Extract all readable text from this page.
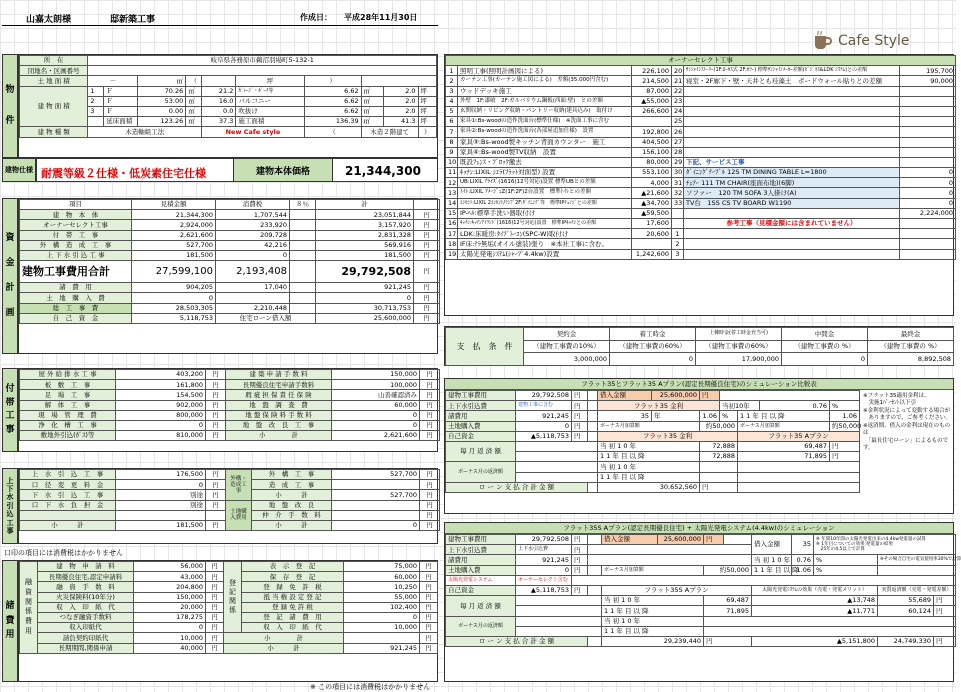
山嘉太朗様	邸新築工事	作成日： 平成28年11月30日
Cafe Style
物

件
所　在	岐阜県各務原市鵜沼羽場町5-132-1									
団地名・区画番号										
土 地 面 積	－		㎡	（		坪	）			
建 物 面 積	1	Ｆ	70.26	㎡	21.2	ｶﾞﾚｰｼﾞ・ﾎﾟｰﾁ等	6.62	㎡	2.0	坪
	2	Ｆ	53.00	㎡	16.0	バルコニー	6.62	㎡	2.0	坪
	3	Ｆ	0.00	㎡	0.0	吹抜け	6.62	㎡	2.0	坪
		延床面積	123.26	㎡	37.3	施工面積	136.39	㎡	41.3	坪
建 物 種 類	木造軸組工法				New Cafe style		（	木造２階建て		）
建物仕様 耐震等級２仕様・低炭素住宅仕様	建物本体価格	21,344,300
資

金

計

画
項目	見積金額	消費税	８％	計	
建　物　本　体	21,344,300	1,707,544		23,051,844	円
オーナーセレクト工事	2,924,000	233,920		3,157,920	円
付　帯　工　事	2,621,600	209,728		2,831,328	円
外　構　造　成　工　事	527,700	42,216		569,916	円
上 下 水 引 込 工 事	181,500	0		181,500	円
建物工事費用合計	27,599,100	2,193,408		29,792,508	円
諸　費　用	904,205	17,040		921,245	円
土　地　購　入　費	0			0	円
総　工　事　費	28,503,305	2,210,448		30,713,753	円
自　己　資　金	5,118,753	住宅ローン借入額		25,600,000	円
付
帯
工
事
屋 外 給 排 水 工 事	403,200	円	建 築 申 請 手 数 料	150,000	円
板　敷　工　事	161,800	円	長期優良住宅申請手数料	100,000	円
足　場　工　事	154,500	円	瑕 疵 担 保 責 任 保 険	山善確認済み	円
解　体　工　事	902,000	円	地　盤　調　査　費	60,000	円
現　場　管　理　費	800,000	円	地 盤 保 険 料 手 数 料	0	円
浄　化　槽　工　事	0	円	地　盤　改　良　工　事	0	円
敷地外引込(ｶﾞｽ)等	810,000	円	小　　　　計	2,621,600	円
上
下
水
引
込
工
事
上　水　引　込　工　事	176,500	円	外構・造成工事	外　構　工　事	527,700	円
口　径　変　更　料　金	0	円		造　成　工　事		円
下　水　引　込　工　事	別途	円		小　　　計	527,700	円
口　下　水　負　担　金	別途	円	土地購入費用	地　盤　改　良		円
				仲　介　手　数　料		円
小　　　計	181,500	円		小　　　計	0	円
口印の項目には消費税はかかりません
諸
費
用
融資関係費用	建　物　申　請　料	56,000	円	登記関係	表　示　登　記	75,000	円
	長期優良住宅,認定申請料	43,000	円		保　存　登　記	60,000	円
	融　資　手　数　料	204,800	円		登　録　免　許　税	10,250	円
	火災保険料(10年分)	150,000	円		抵 当 権 設 定 登 記	55,000	円
	収　入　印　紙　代	20,000	円		登 録 免 許 税	102,400	円
	つなぎ融資手数料	178,275	円		登　記　諸　費　用	0	円
	収入印紙代	0	円		収　入　印　紙　代	10,000	円
	請負契約印紙代	10,000	円	小　　　　計			円
	長期期間,関係申請	40,000	円	小　　　計		921,245	円
※ この項目には消費税はかかりません
オーナーセレクト工事					
1	照明工事(照明計画図による)	226,100	20	ｻﾝｼｬｲﾝｽﾄｰﾘｰ(1F:ﾛｰｶｽ式 2F:ｶﾗｰ) 標準ｻﾝｼｬｲﾝﾒｰｶｰ差額(ﾋﾞｼﾞﾈｽ&LDK ｼｽﾃﾑ)との差額	195,700
2	カーテン工事(カーテン施工図による)　差額(35.000円含む)	214,500	21	寝室・2F廊下・壁・天井とも珪藻土　ボードウォール貼りとの差額	90,000
3	ウッドデッキ施工	87,000	22		
4	外壁　1F:漆喰　2F:ガルバリウム鋼板(西面:壁)　との差額	▲55,000	23		
5	玄関収納・リビング収納・パントリー収納(建具込み)　取付け	266,600	24		
6	家具①:Bs-woodの造作洗面台(標準仕様)　※洗面工事に含む		25		
7	家具②:Bs-woodの造作洗面台(各部屋追加仕様)　設置	192,800	26		
8	家具③:Bs-wood製キッチン背面カウンター　施工	404,500	27		
9	家具④:Bs-wood製TV収納　設置	156,100	28		
10	既設ﾌｪﾝｽ・ﾌﾞﾛｯｸ撤去	80,000	29	下記、サービス工事	
11	ｷｯﾁﾝ:LIXIL ｼｴﾗ(ﾌﾗｯﾄ対面型) 設置	553,100	30	ﾀﾞｲﾆﾝｸﾞﾃｰﾌﾞﾙ 12S TM DINING TABLE L=1800	0
12	UB:LIXIL ｱﾗｲｽﾞ(1616)12号対応)設置 標準UBとの差額	4,000	31	ﾁｪｱｰ 111 TM CHAIR(座面布地)(6脚)	0
13	ﾄｲﾚ:LIXIL ｱﾒｰｼﾞｭZ(1F:2F)2台設置　標準ﾄｲﾚとの差額	▲21,600	32	ソファー　120 TM SOFA 3人掛け(A)	0
14	ｺﾝｾﾝﾄ:LIXIL 2ｺﾝｾﾝﾄ/ﾗﾝﾌﾟ2F:ﾀﾞｲﾆﾝｸﾞ等　標準IPﾁｪﾝｼﾞとの差額	▲34,700	33	TV台　1SS CS TV BOARD W1190	0
15	IP-ﾍﾙ:標準手洗い器取付け	▲59,500			2,224,000
16	ｷｯﾁﾝ:ｷｯﾁﾝｱｲﾗﾝﾄﾞ(1616)12号対応)設置　標準IPｷｯﾁﾝとの差額	17,600		参考工事（見積金額には含まれていません）	
17	LDK:床暖房:ﾀｲﾌﾟﾄｰｺﾝ(SPC-W)取付け	20,600	1		
18	IF床:ﾅﾗ無垢(オイル塗装)張り　※本社工事に含む。		2		
19	太陽光発電ｼｽﾃﾑ(ｼｬｰﾌﾟ4.4kw)設置	1,242,600	3		
支　払　条　件	契約金	着工時金	上棟時金(着工時金充当可)	中間金	最終金
	（建物工事費の10%）	（建物工事費の60%）	（建物工事費の60%）	（建物工事費の %）	（建物工事費の %）
	3,000,000	0	17,900,000	0	8,892,508
フラット35とフラット35 Aプラン(認定長期優良住宅)のシミュレーション比較表
建物工事費用	29,792,508	円		借入金額	25,600,000	円				
上下水引込費	建物工事に含む	円		フラット35 金利			当初10年		0.76	%
諸費用	921,245	円		35	年	1.06	%	1 1 年 目 以 降		1.06
土地購入費	0	円		ボーナス月加算額		約50,000		ボーナス月加算額		約50,000
自己資金	▲5,118,753	円		フラット35 金利				フラット35 Aプラン		
毎 月 返 済 額				当 初 1 0 年		72,888		69,487		円
				1 1 年 目 以 降		72,888		71,895		円
ボーナス月の返済額				当 初 1 0 年						
				1 1 年 目 以 降						
ロ ー ン 支 払 合 計 金 額				30,652,560		円				
※フラット35適用金利は、
　実施1ﾊﾟｰｾﾝﾄ以下引
※金利状況によって変動する場合が
　ありますので、ご参考ください。
※返済期、借入の金利は現在のものは
　「最長住宅ローン」によるものです。
フラット35S Aプラン(認定長期優良住宅) + 太陽光発電システム(4.4kw)のシミュレーション
建物工事費用	29,792,508	円		借入金額	25,600,000	円		借入金額	35	※ 年間10年間の太陽光発電出来の4.4kw発電量の試算
※ 1年目についての効果:発電量の結果
　25年の4.5以上で計算		
上下水引込費	上下水引込費	円										
諸費用	921,245	円						当 初 1 0 年	0.76	%	※その場合自宅の電気使用率30%で計算	
土地購入費	0	円		ボーナス月加算額		約50,000		1 1 年 目 以 降	1.06	%		
太陽光発電システム	オーナーセレクト含む											
自己資金	▲5,118,753	円		フラット35S Aプラン				太陽光発電ｼｽﾃﾑの効果（売電・発電メリット）			実質返済額（売電・発電差額）	
毎 月 返 済 額				当 初 1 0 年		69,487		▲13,748			55,689	円
				1 1 年 目 以 降		71,895		▲11,771			60,124	円
ボーナス月の返済額				当 初 1 0 年								
				1 1 年 目 以 降								
ロ ー ン 支 払 合 計 金 額				29,239,440		円		▲5,151,800			24,749,330	円
